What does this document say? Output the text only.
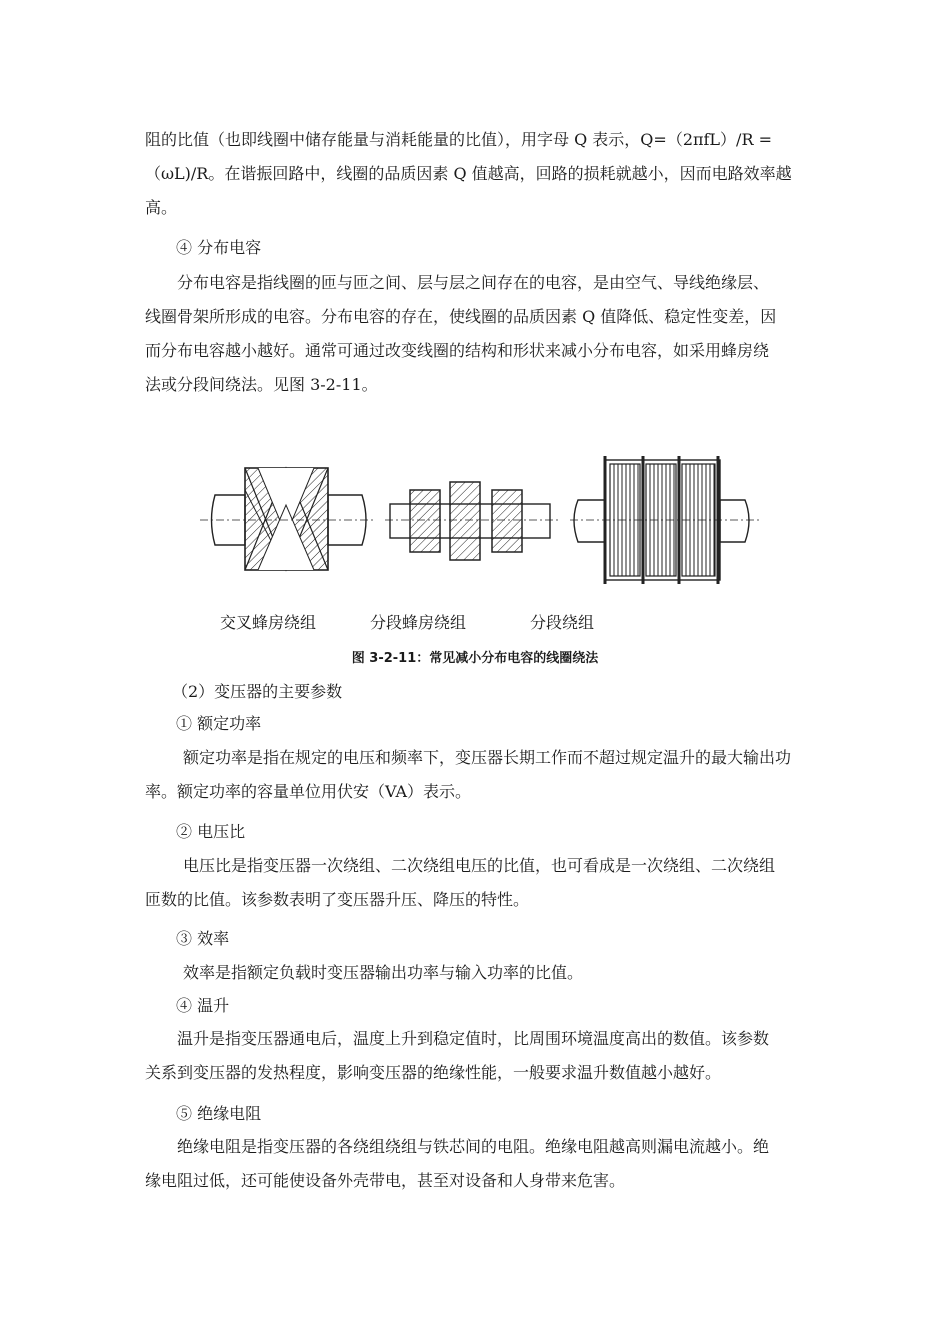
阻的比值（也即线圈中储存能量与消耗能量的比值），用字母 Q 表示，Q=（2πfL）/R =
（ωL)/R。在谐振回路中，线圈的品质因素 Q 值越高，回路的损耗就越小，因而电路效率越
高。
④ 分布电容
分布电容是指线圈的匝与匝之间、层与层之间存在的电容，是由空气、导线绝缘层、
线圈骨架所形成的电容。分布电容的存在，使线圈的品质因素 Q 值降低、稳定性变差，因
而分布电容越小越好。通常可通过改变线圈的结构和形状来减小分布电容，如采用蜂房绕
法或分段间绕法。见图 3-2-11。
交叉蜂房绕组	分段蜂房绕组	分段绕组
图 3-2-11：常见减小分布电容的线圈绕法
（2）变压器的主要参数
① 额定功率
额定功率是指在规定的电压和频率下，变压器长期工作而不超过规定温升的最大输出功
率。额定功率的容量单位用伏安（VA）表示。
② 电压比
电压比是指变压器一次绕组、二次绕组电压的比值，也可看成是一次绕组、二次绕组
匝数的比值。该参数表明了变压器升压、降压的特性。
③ 效率
效率是指额定负载时变压器输出功率与输入功率的比值。
④ 温升
温升是指变压器通电后，温度上升到稳定值时，比周围环境温度高出的数值。该参数
关系到变压器的发热程度，影响变压器的绝缘性能，一般要求温升数值越小越好。
⑤ 绝缘电阻
绝缘电阻是指变压器的各绕组绕组与铁芯间的电阻。绝缘电阻越高则漏电流越小。绝
缘电阻过低，还可能使设备外壳带电，甚至对设备和人身带来危害。
